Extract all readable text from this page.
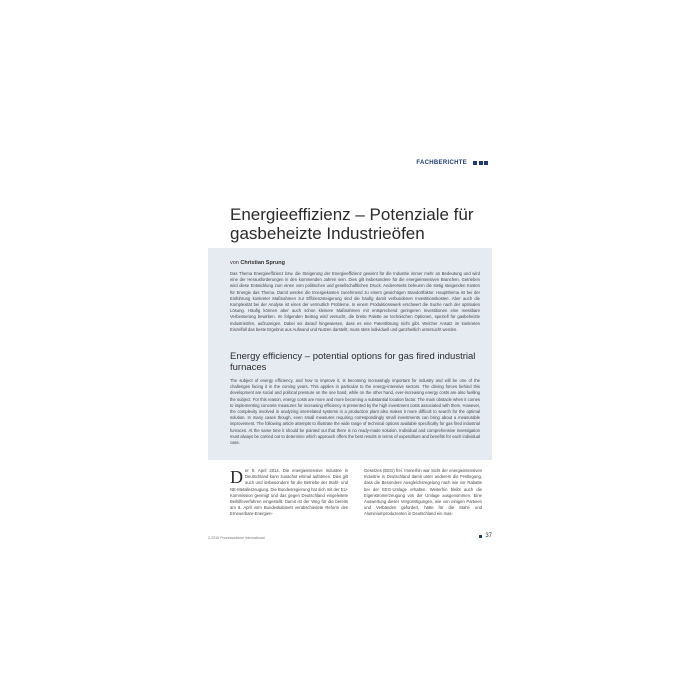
FACHBERICHTE
Energieeffizienz – Potenziale für gasbeheizte Industrieöfen
von Christian Sprung
Das Thema Energieeffizienz bzw. die Steigerung der Energieeffizienz gewinnt für die Industrie immer mehr an Bedeutung und wird eine der Herausforderungen in den kommenden Jahren sein. Dies gilt insbesondere für die energieintensiven Branchen. Getrieben wird diese Entwicklung zum einen vom politischen und gesellschaftlichen Druck. Andererseits befeuern die stetig steigenden Kosten für Energie das Thema. Damit werden die Energiekosten zunehmend zu einem gewichtigen Standortfaktor. Hauptthema ist bei der Einführung konkreter Maßnahmen zur Effizienzsteigerung sind die häufig damit verbundenen Investitionskosten. Aber auch die Komplexität bei der Analyse ist eines der vermutlich Probleme. In einem Produktionswerk erschwert die Suche nach der optimalen Lösung. Häufig können aber auch schon kleinere Maßnahmen mit entsprechend geringeren Investitionen eine messbare Verbesserung bewirken. Im folgenden Beitrag wird versucht, die breite Palette an technischen Optionen, speziell für gasbeheizte Industrieöfen, aufzuzeigen. Dabei sei darauf hingewiesen, dass es eine Patentlösung nicht gibt. Welcher Ansatz im konkreten Einzelfall das beste Ergebnis aus Aufwand und Nutzen darstellt, muss stets individuell und ganzheitlich untersucht werden.
Energy efficiency – potential options for gas fired industrial furnaces
The subject of energy efficiency, and how to improve it, is becoming increasingly important for industry and will be one of the challenges facing it in the coming years. This applies in particular to the energy-intensive sectors. The driving forces behind this development are social and political pressure on the one hand, while on the other hand, ever-increasing energy costs are also fuelling the subject. For this reason, energy costs are more and more becoming a substantial location factor. The main obstacle when it comes to implementing concrete measures for increasing efficiency is presented by the high investment costs associated with them. However, the complexity involved in analyzing interrelated systems in a production plant also makes it more difficult to search for the optimal solution. In many cases though, even small measures requiring correspondingly small investments can bring about a measurable improvement. The following article attempts to illustrate the wide range of technical options available specifically for gas fired industrial furnaces. At the same time it should be pointed out that there is no ready-made solution. Individual and comprehensive investigation must always be carried out to determine which approach offers the best results in terms of expenditure and benefits for each individual case.
D er 9. April 2014. Die energieintensive Industrie in Deutschland kann zunächst einmal aufatmen. Dies gilt auch und insbesondere für die Betriebe der Stahl- und NE-Metallerzeugung. Die Bundesregierung hat sich mit der EU-Kommission geeinigt und das gegen Deutschland eingeleitete Beihilfeverfahren eingestellt. Damit ist der Weg für die bereits am 8. April vom Bundeskabinett verabschiedete Reform des Erneuerbare-Energien-
Gesetzes (EEG) frei. Immerhin war Sicht der energieintensiven Industrie in Deutschland damit unter anderem die Festlegung, dass die Besondere Ausgleichsregelung nach wie vor Rabatte bei der EEG-Umlage erhalten. Weiterhin bleibt auch die Eigenstromerzeugung von der Umlage ausgenommen. Eine Auswertung dieser Vergünstigungen, wie von einigen Parteien und Verbänden gefordert, hätte für die Stahl- und Aluminiumproduzenten in Deutschland ein mas-
2-2016 Prozesswärme international	37
